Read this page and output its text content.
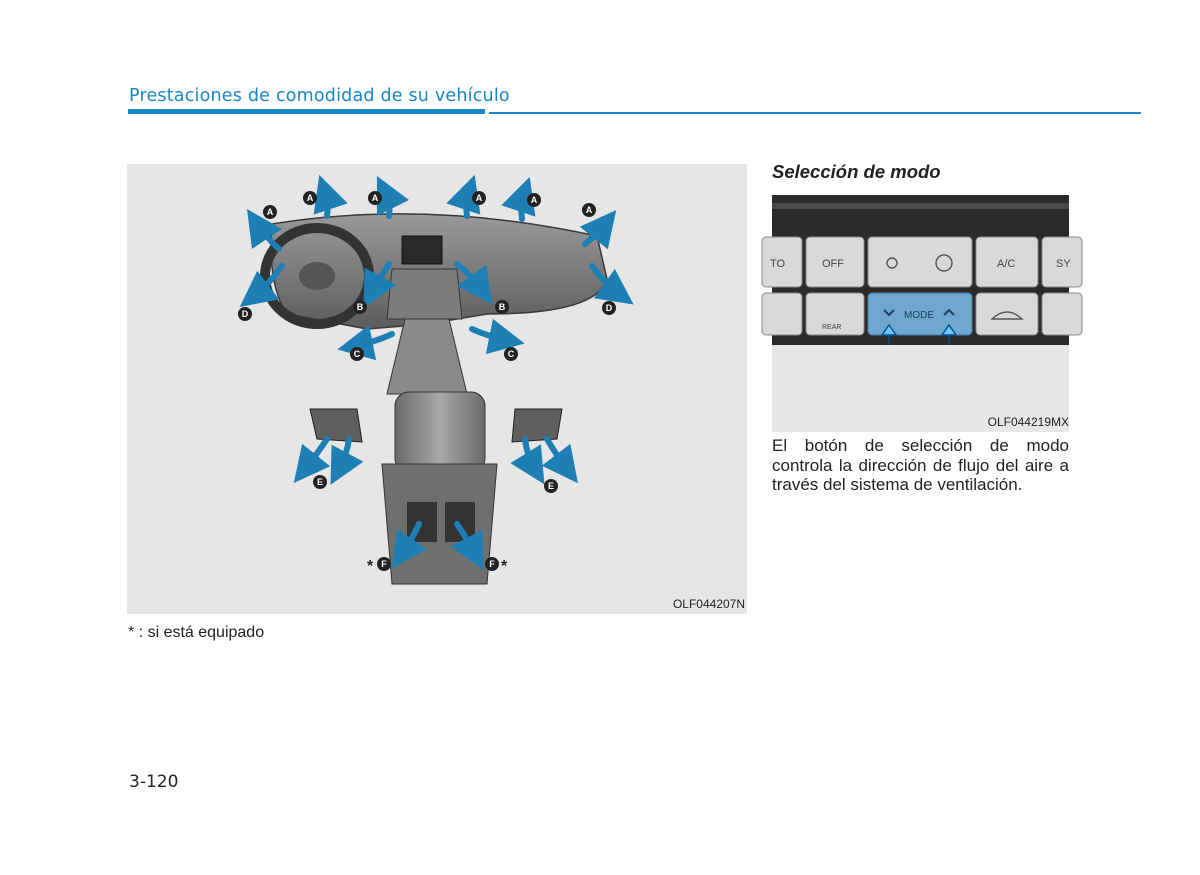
Prestaciones de comodidad de su vehículo
A	A	A	A
A	A
D
D
B	B
C	C
E	E
F	F
*	*
OLF044207N
* : si está equipado
Selección de modo
TO	OFF	A/C	SY
REAR
MODE
OLF044219MX
El botón de selección de modo controla la dirección de flujo del aire a través del sistema de ventilación.
3-120
